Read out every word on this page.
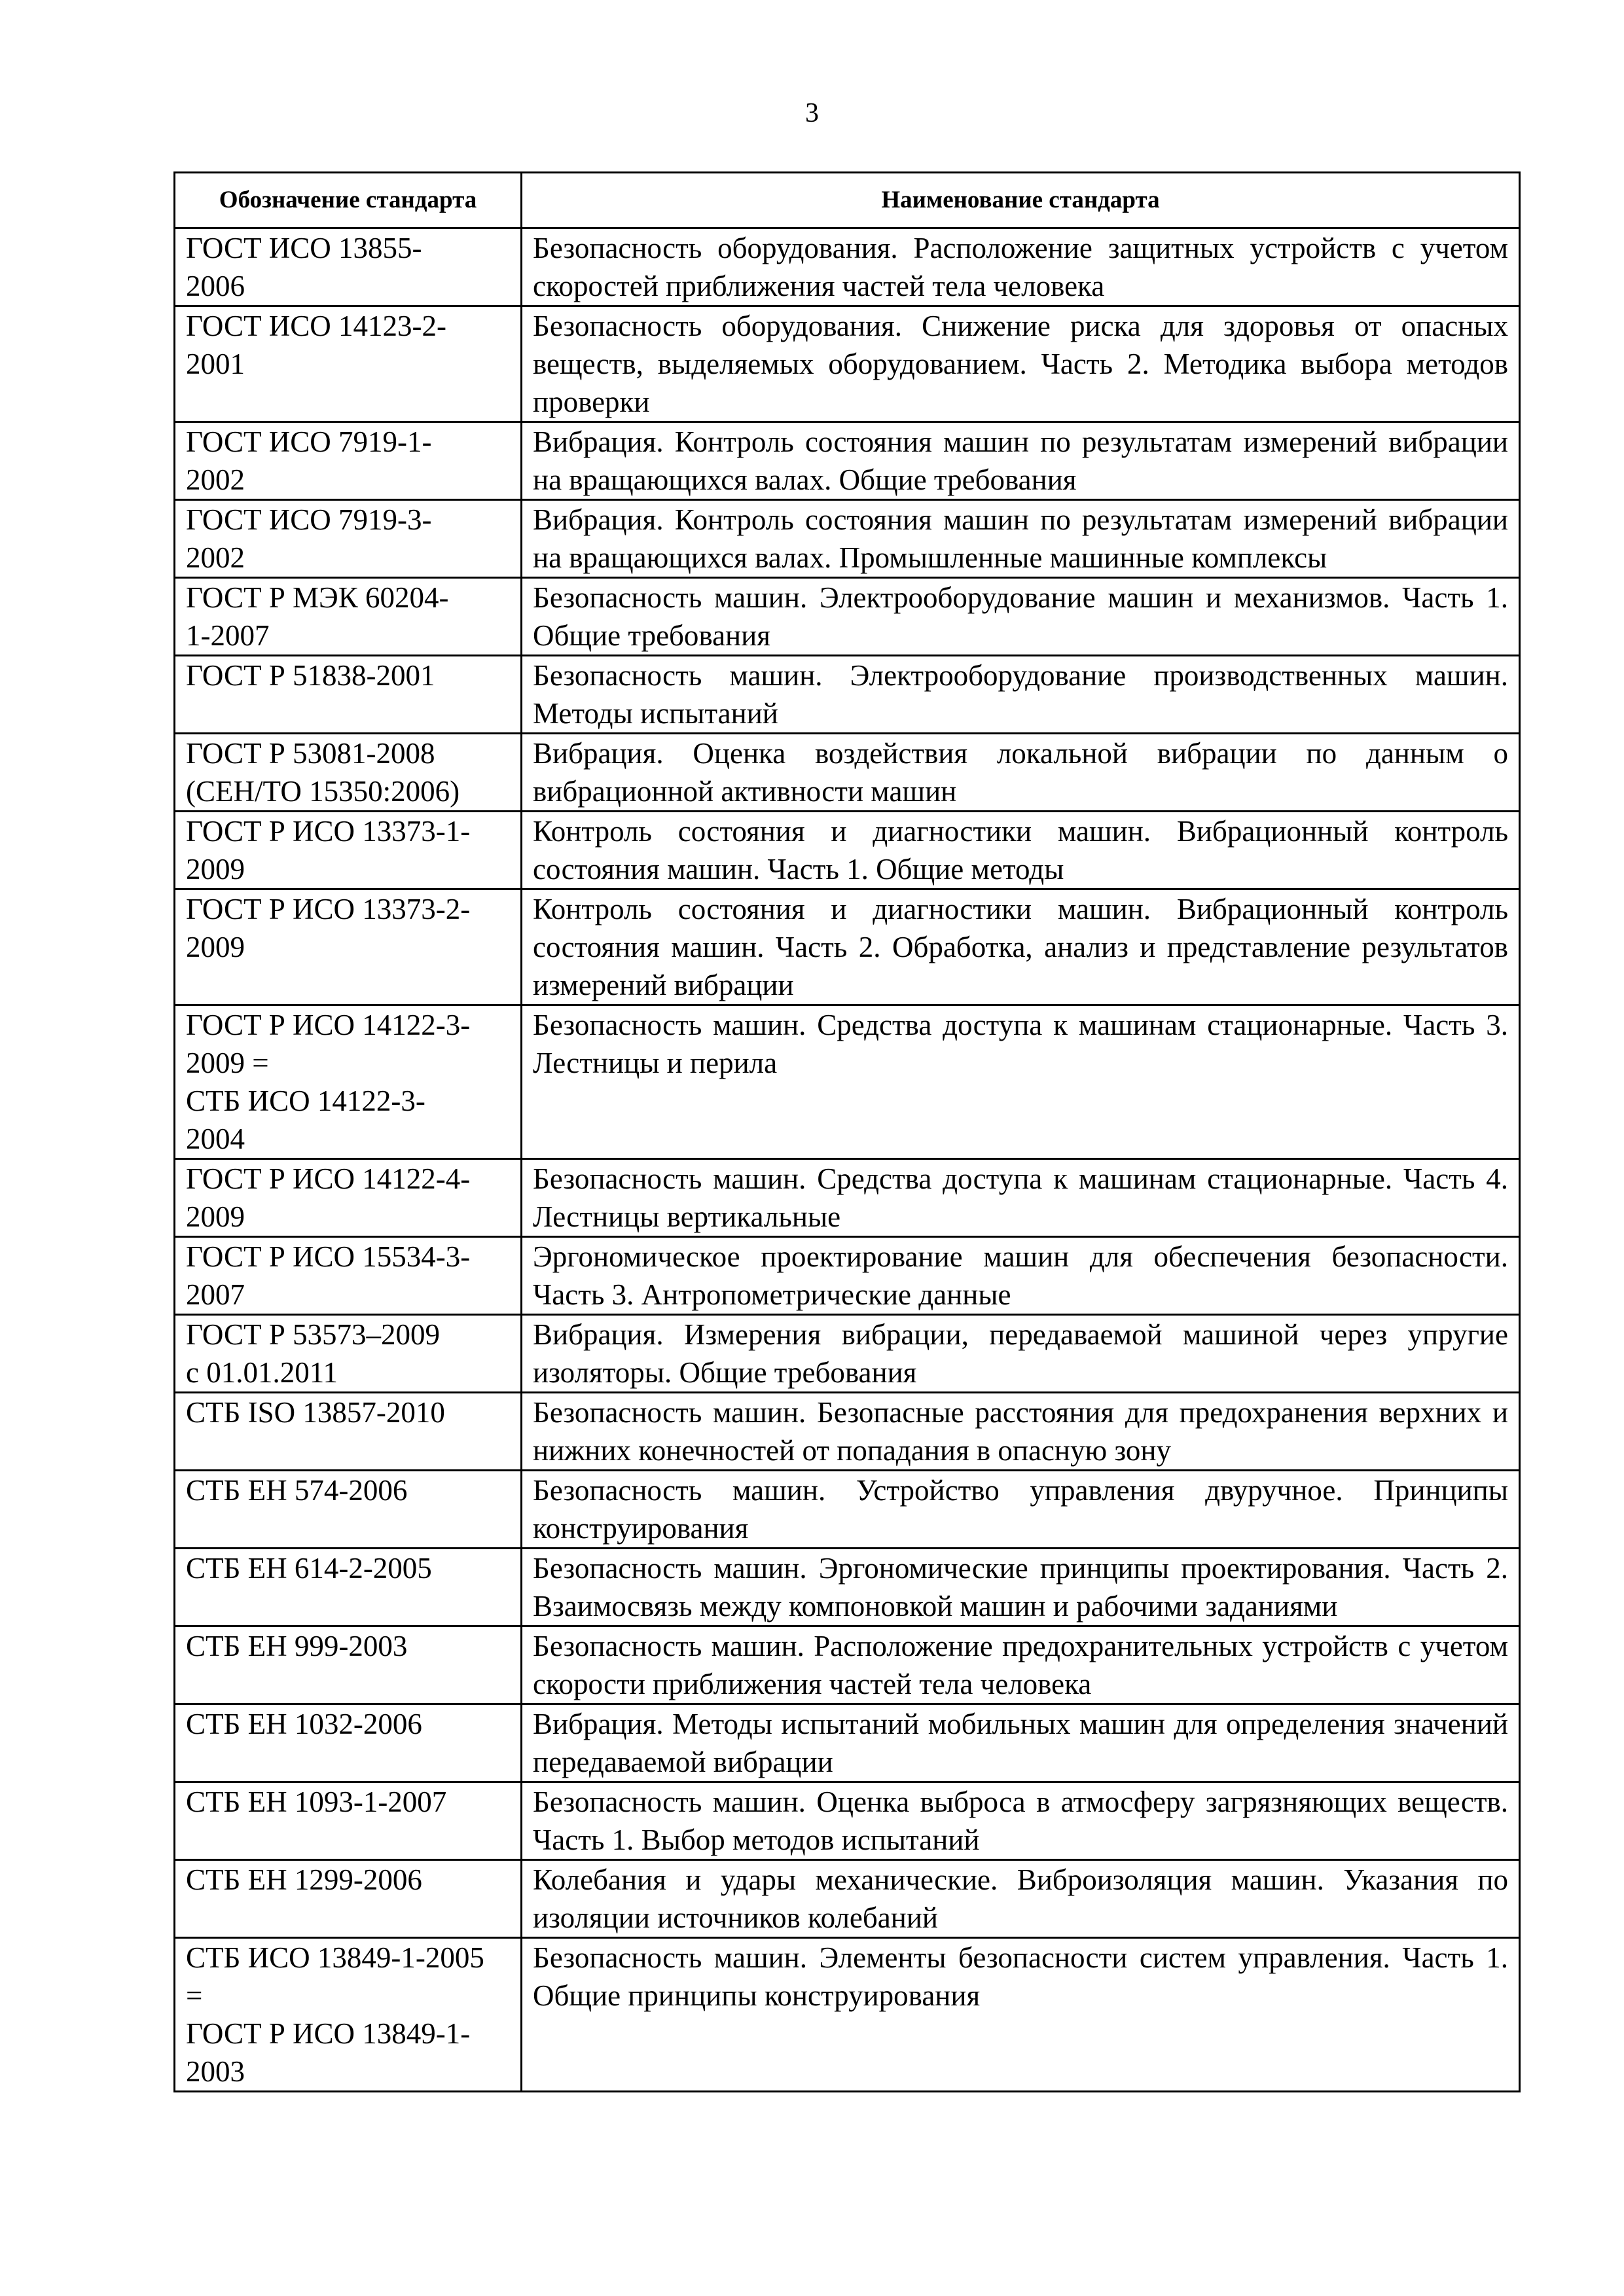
3
Обозначение стандарта	Наименование стандарта

ГОСТ ИСО 13855-
2006	Безопасность оборудования. Расположение защитных устройств с учетом скоростей приближения частей тела человека

ГОСТ ИСО 14123-2-
2001	Безопасность оборудования. Снижение риска для здоровья от опасных веществ, выделяемых оборудованием. Часть 2. Методика выбора методов проверки

ГОСТ ИСО 7919-1-
2002	Вибрация. Контроль состояния машин по результатам измерений вибрации на вращающихся валах. Общие требования

ГОСТ ИСО 7919-3-
2002	Вибрация. Контроль состояния машин по результатам измерений вибрации на вращающихся валах. Промышленные машинные комплексы

ГОСТ Р МЭК 60204-
1-2007	Безопасность машин. Электрооборудование машин и механизмов. Часть 1. Общие требования

ГОСТ Р 51838-2001	Безопасность машин. Электрооборудование производственных машин. Методы испытаний

ГОСТ Р 53081-2008
(СЕН/ТО 15350:2006)	Вибрация. Оценка воздействия локальной вибрации по данным о вибрационной активности машин

ГОСТ Р ИСО 13373-1-
2009	Контроль состояния и диагностики машин. Вибрационный контроль состояния машин. Часть 1. Общие методы

ГОСТ Р ИСО 13373-2-
2009	Контроль состояния и диагностики машин. Вибрационный контроль состояния машин. Часть 2. Обработка, анализ и представление результатов измерений вибрации

ГОСТ Р ИСО 14122-3-
2009 =
СТБ ИСО 14122-3-
2004	Безопасность машин. Средства доступа к машинам стационарные. Часть 3. Лестницы и перила

ГОСТ Р ИСО 14122-4-
2009	Безопасность машин. Средства доступа к машинам стационарные. Часть 4. Лестницы вертикальные

ГОСТ Р ИСО 15534-3-
2007	Эргономическое проектирование машин для обеспечения безопасности. Часть 3. Антропометрические данные

ГОСТ Р 53573–2009
с 01.01.2011	Вибрация. Измерения вибрации, передаваемой машиной через упругие изоляторы. Общие требования

СТБ ISO 13857-2010	Безопасность машин. Безопасные расстояния для предохранения верхних и нижних конечностей от попадания в опасную зону

СТБ ЕН 574-2006	Безопасность машин. Устройство управления двуручное. Принципы конструирования

СТБ ЕН 614-2-2005	Безопасность машин. Эргономические принципы проектирования. Часть 2. Взаимосвязь между компоновкой машин и рабочими заданиями

СТБ ЕН 999-2003	Безопасность машин. Расположение предохранительных устройств с учетом скорости приближения частей тела человека

СТБ ЕН 1032-2006	Вибрация. Методы испытаний мобильных машин для определения значений передаваемой вибрации

СТБ ЕН 1093-1-2007	Безопасность машин. Оценка выброса в атмосферу загрязняющих веществ. Часть 1. Выбор методов испытаний

СТБ ЕН 1299-2006	Колебания и удары механические. Виброизоляция машин. Указания по изоляции источников колебаний

СТБ ИСО 13849-1-2005
=
ГОСТ Р ИСО 13849-1-
2003	Безопасность машин. Элементы безопасности систем управления. Часть 1. Общие принципы конструирования
